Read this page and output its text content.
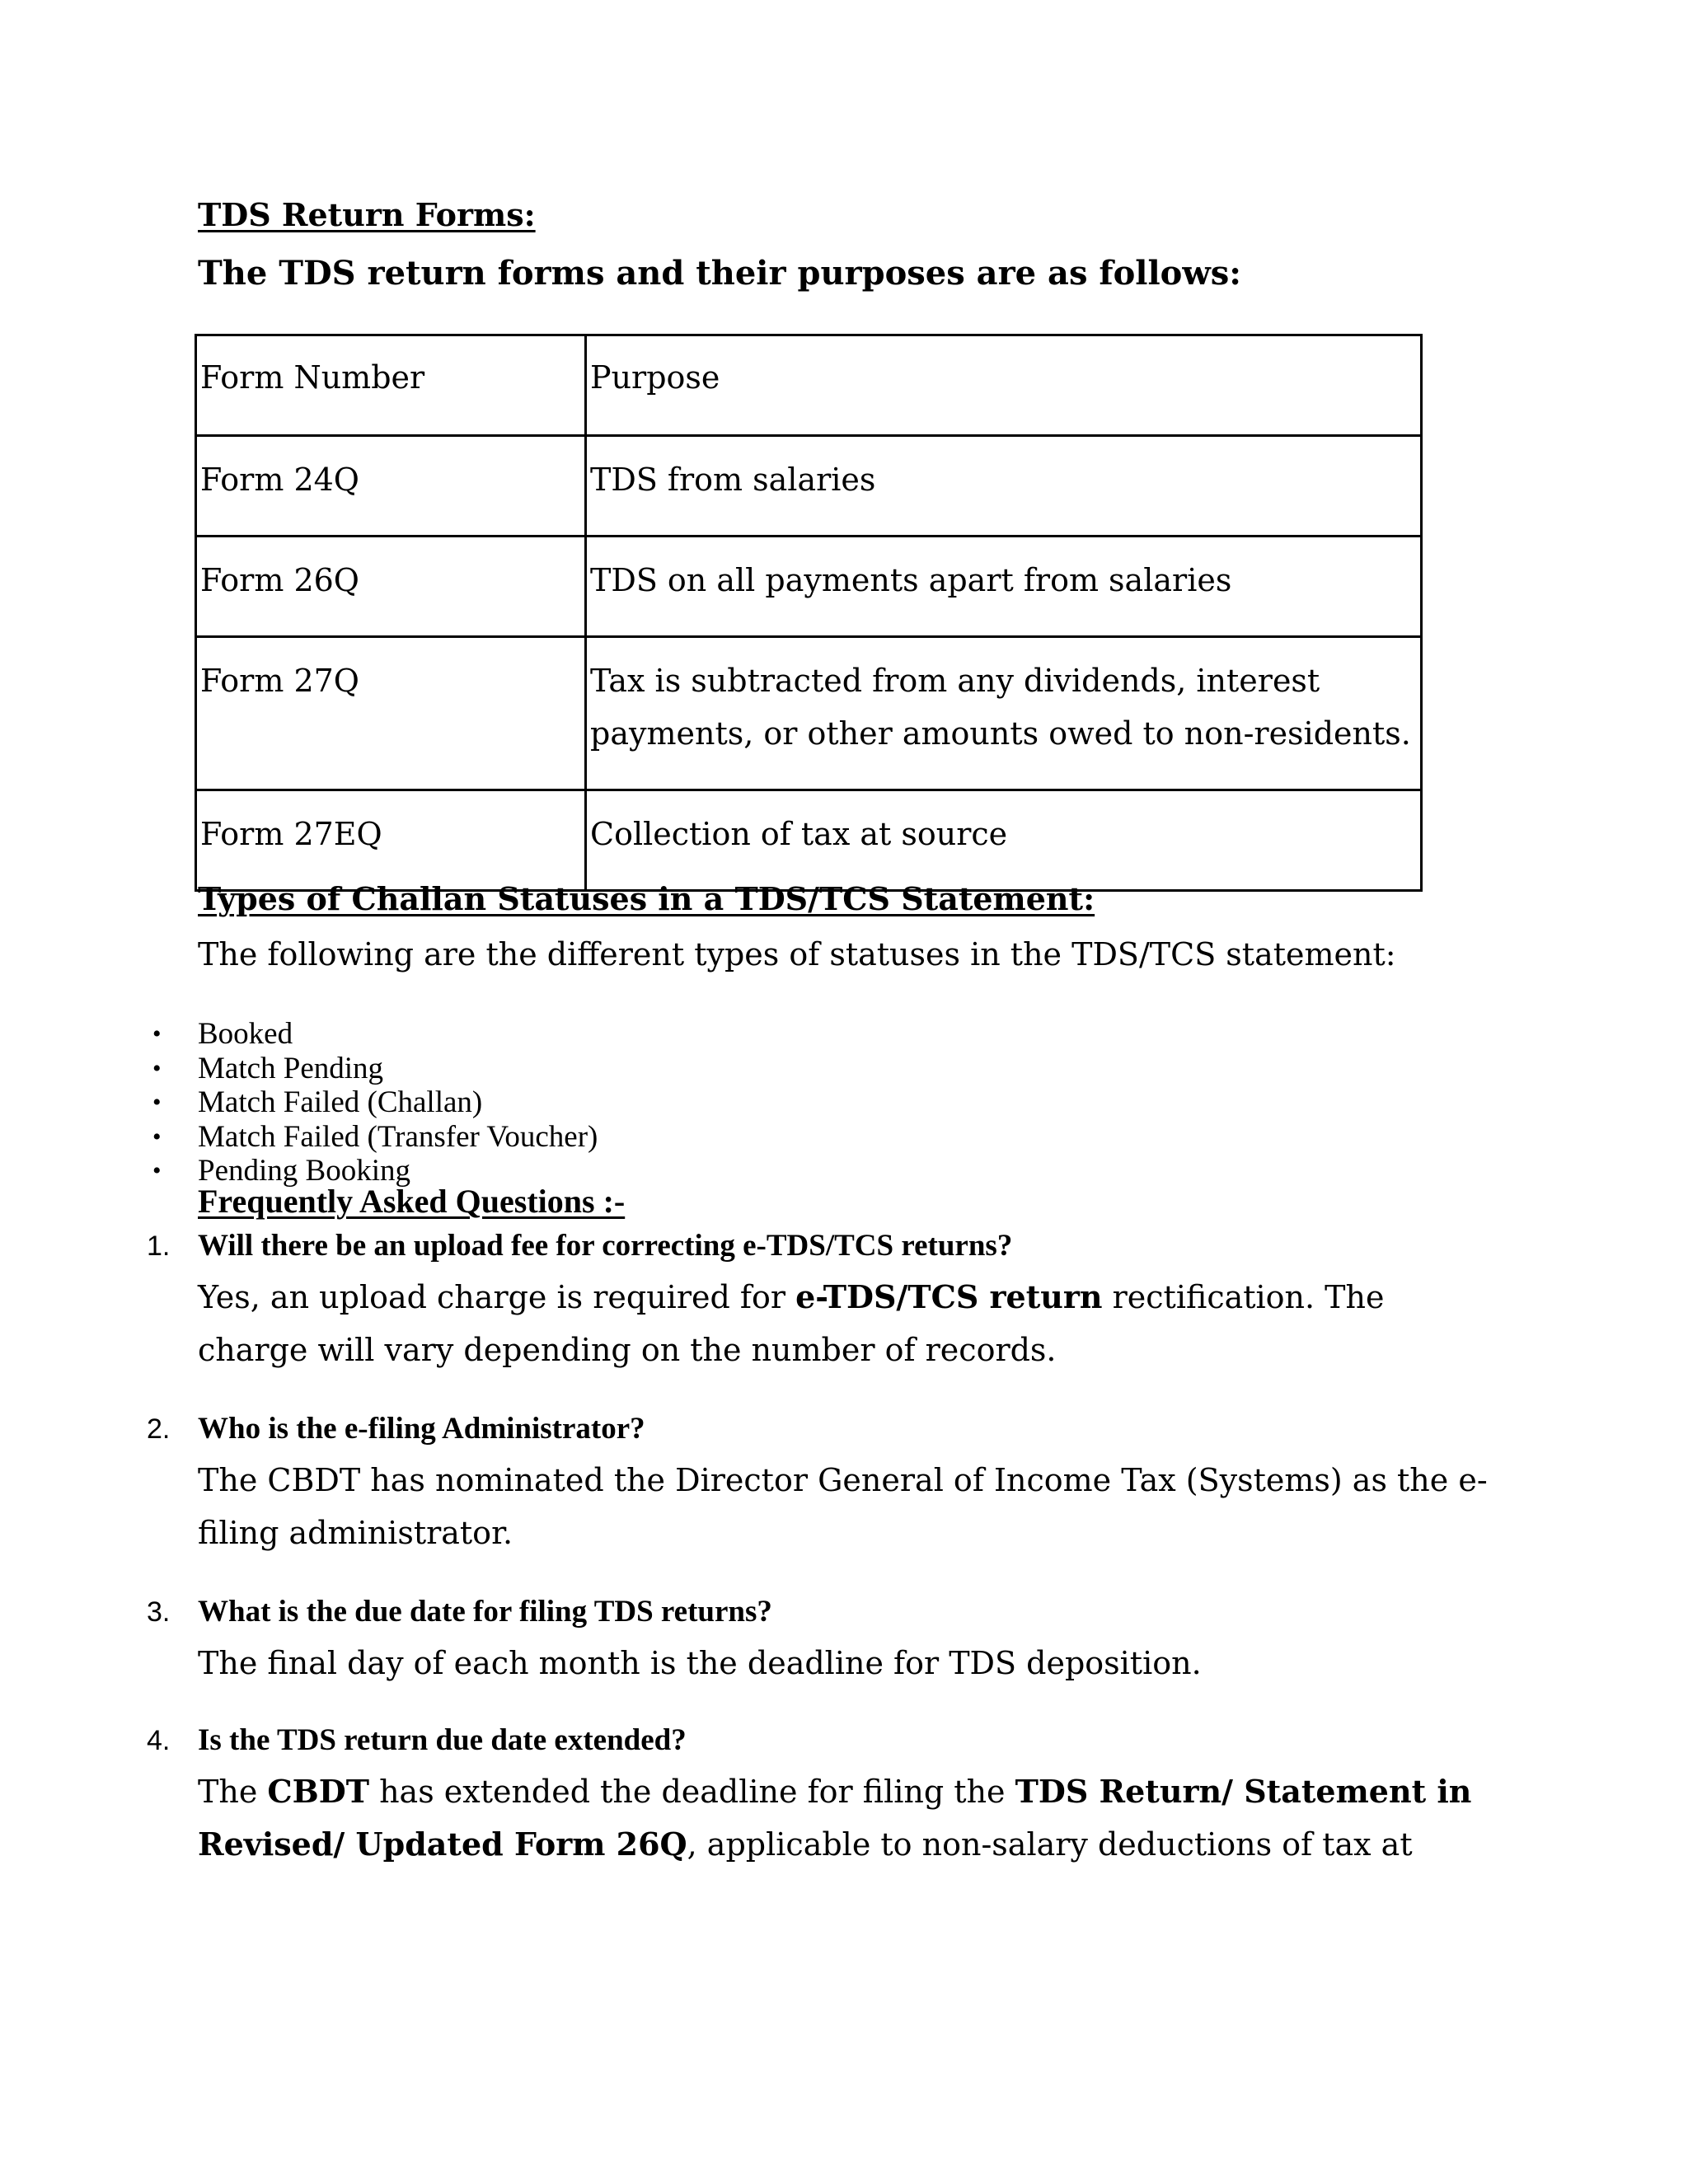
TDS Return Forms:
The TDS return forms and their purposes are as follows:
Form Number	Purpose
Form 24Q	TDS from salaries
Form 26Q	TDS on all payments apart from salaries
Form 27Q	Tax is subtracted from any dividends, interest
payments, or other amounts owed to non-residents.

Form 27EQ	Collection of tax at source
Types of Challan Statuses in a TDS/TCS Statement:
The following are the different types of statuses in the TDS/TCS statement:
• Booked
• Match Pending
• Match Failed (Challan)
• Match Failed (Transfer Voucher)
• Pending Booking
Frequently Asked Questions :-
1. Will there be an upload fee for correcting e-TDS/TCS returns?
Yes, an upload charge is required for e-TDS/TCS return rectification. The
charge will vary depending on the number of records.
2. Who is the e-filing Administrator?
The CBDT has nominated the Director General of Income Tax (Systems) as the e-
filing administrator.
3. What is the due date for filing TDS returns?
The final day of each month is the deadline for TDS deposition.
4. Is the TDS return due date extended?
The CBDT has extended the deadline for filing the TDS Return/ Statement in
Revised/ Updated Form 26Q, applicable to non-salary deductions of tax at
